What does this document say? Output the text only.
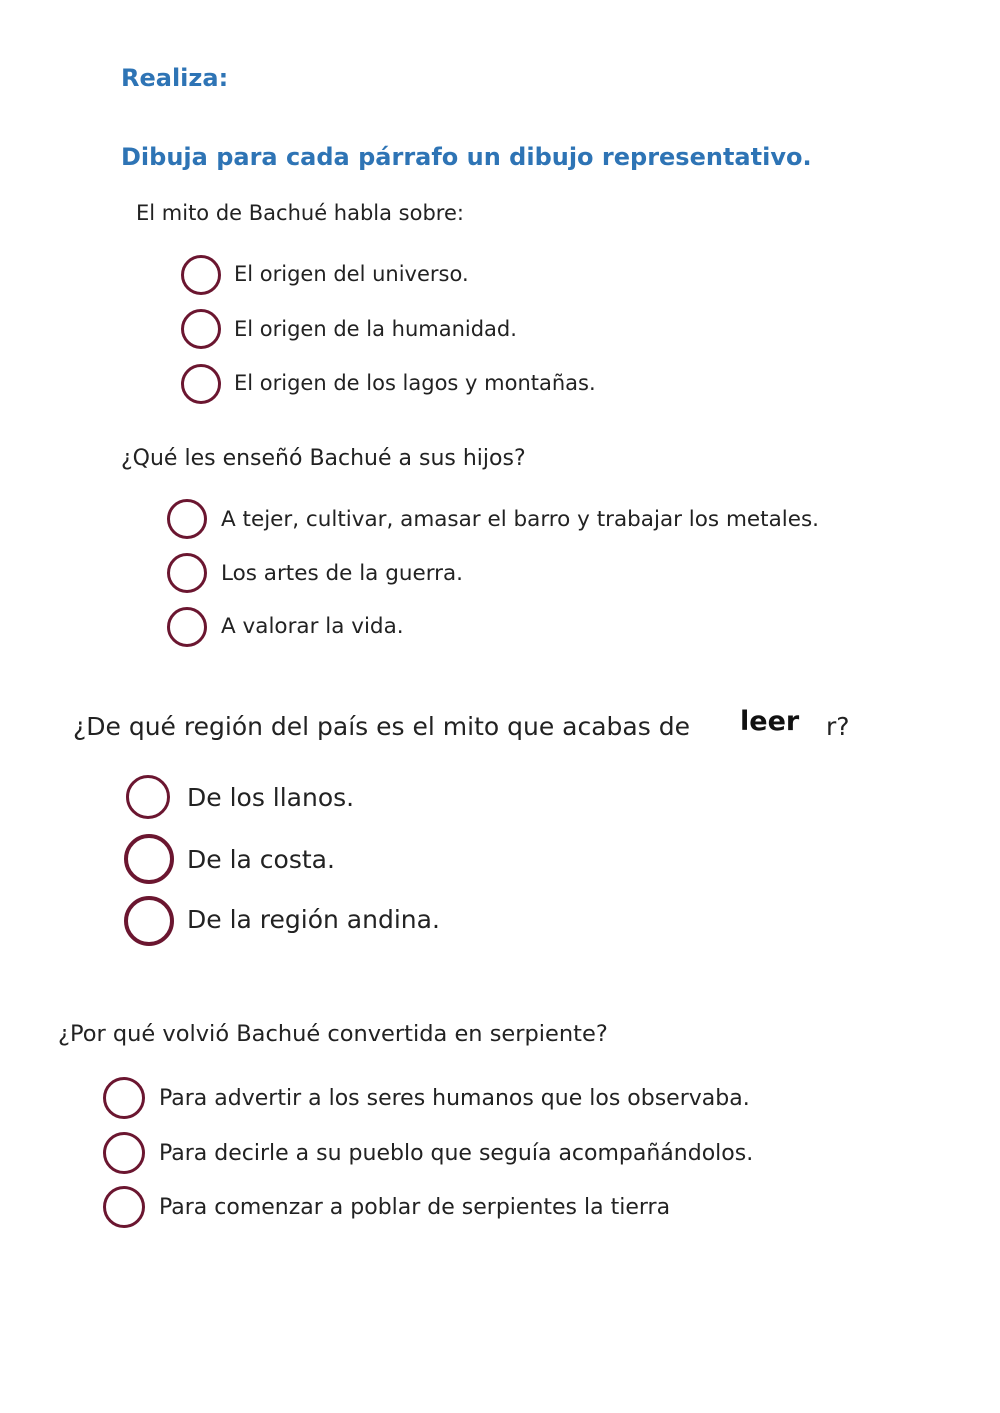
Realiza:
Dibuja para cada párrafo un dibujo representativo.
El mito de Bachué habla sobre:
El origen del universo.
El origen de la humanidad.
El origen de los lagos y montañas.
¿Qué les enseñó Bachué a sus hijos?
A tejer, cultivar, amasar el barro y trabajar los metales.
Los artes de la guerra.
A valorar la vida.
¿De qué región del país es el mito que acabas de leer r?
De los llanos.
De la costa.
De la región andina.
¿Por qué volvió Bachué convertida en serpiente?
Para advertir a los seres humanos que los observaba.
Para decirle a su pueblo que seguía acompañándolos.
Para comenzar a poblar de serpientes la tierra
